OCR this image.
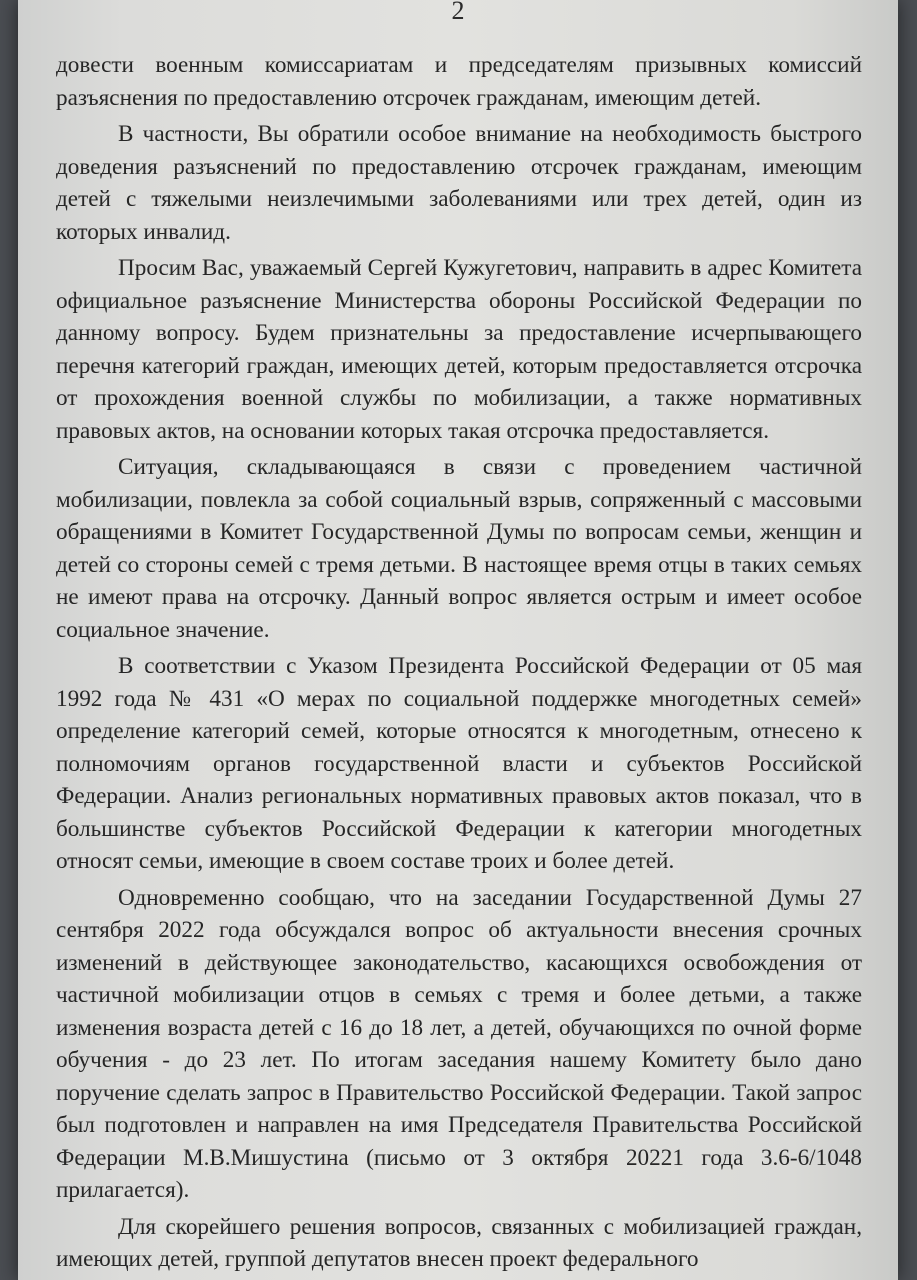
2

довести военным комиссариатам и председателям призывных комиссий разъяснения по предоставлению отсрочек гражданам, имеющим детей.

В частности, Вы обратили особое внимание на необходимость быстрого доведения разъяснений по предоставлению отсрочек гражданам, имеющим детей с тяжелыми неизлечимыми заболеваниями или трех детей, один из которых инвалид.

Просим Вас, уважаемый Сергей Кужугетович, направить в адрес Комитета официальное разъяснение Министерства обороны Российской Федерации по данному вопросу. Будем признательны за предоставление исчерпывающего перечня категорий граждан, имеющих детей, которым предоставляется отсрочка от прохождения военной службы по мобилизации, а также нормативных правовых актов, на основании которых такая отсрочка предоставляется.

Ситуация, складывающаяся в связи с проведением частичной мобилизации, повлекла за собой социальный взрыв, сопряженный с массовыми обращениями в Комитет Государственной Думы по вопросам семьи, женщин и детей со стороны семей с тремя детьми. В настоящее время отцы в таких семьях не имеют права на отсрочку. Данный вопрос является острым и имеет особое социальное значение.

В соответствии с Указом Президента Российской Федерации от 05 мая 1992 года № 431 «О мерах по социальной поддержке многодетных семей» определение категорий семей, которые относятся к многодетным, отнесено к полномочиям органов государственной власти и субъектов Российской Федерации. Анализ региональных нормативных правовых актов показал, что в большинстве субъектов Российской Федерации к категории многодетных относят семьи, имеющие в своем составе троих и более детей.

Одновременно сообщаю, что на заседании Государственной Думы 27 сентября 2022 года обсуждался вопрос об актуальности внесения срочных изменений в действующее законодательство, касающихся освобождения от частичной мобилизации отцов в семьях с тремя и более детьми, а также изменения возраста детей с 16 до 18 лет, а детей, обучающихся по очной форме обучения - до 23 лет. По итогам заседания нашему Комитету было дано поручение сделать запрос в Правительство Российской Федерации. Такой запрос был подготовлен и направлен на имя Председателя Правительства Российской Федерации М.В.Мишустина (письмо от 3 октября 20221 года 3.6-6/1048 прилагается).

Для скорейшего решения вопросов, связанных с мобилизацией граждан, имеющих детей, группой депутатов внесен проект федерального
